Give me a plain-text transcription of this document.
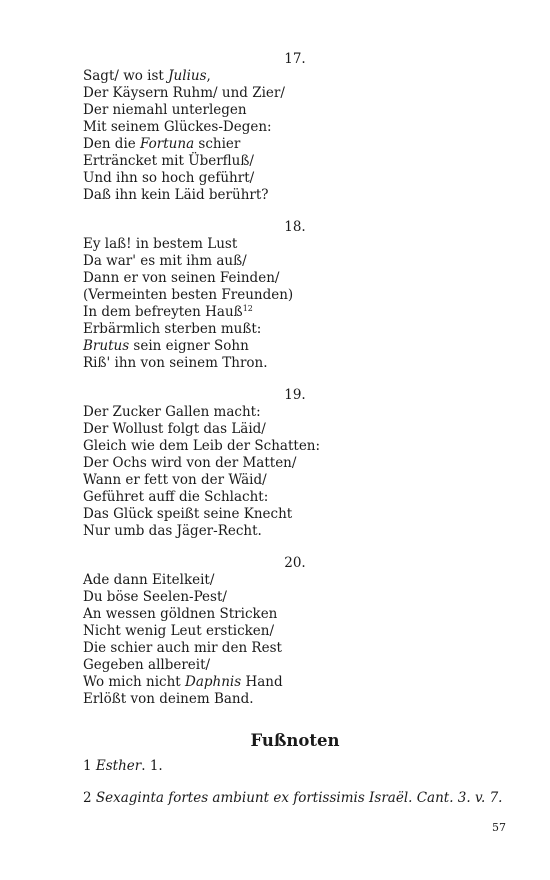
17.
Sagt/ wo ist Julius,
Der Käysern Ruhm/ und Zier/
Der niemahl unterlegen
Mit seinem Glückes-Degen:
Den die Fortuna schier
Erträncket mit Überfluß/
Und ihn so hoch geführt/
Daß ihn kein Läid berührt?
18.
Ey laß! in bestem Lust
Da war' es mit ihm auß/
Dann er von seinen Feinden/
(Vermeinten besten Freunden)
In dem befreyten Hauß$^{12}$
Erbärmlich sterben mußt:
Brutus sein eigner Sohn
Riß' ihn von seinem Thron.
19.
Der Zucker Gallen macht:
Der Wollust folgt das Läid/
Gleich wie dem Leib der Schatten:
Der Ochs wird von der Matten/
Wann er fett von der Wäid/
Geführet auff die Schlacht:
Das Glück speißt seine Knecht
Nur umb das Jäger-Recht.
20.
Ade dann Eitelkeit/
Du böse Seelen-Pest/
An wessen göldnen Stricken
Nicht wenig Leut ersticken/
Die schier auch mir den Rest
Gegeben allbereit/
Wo mich nicht Daphnis Hand
Erlößt von deinem Band.
Fußnoten
1 Esther. 1.
2 Sexaginta fortes ambiunt ex fortissimis Israël. Cant. 3. v. 7.
57
